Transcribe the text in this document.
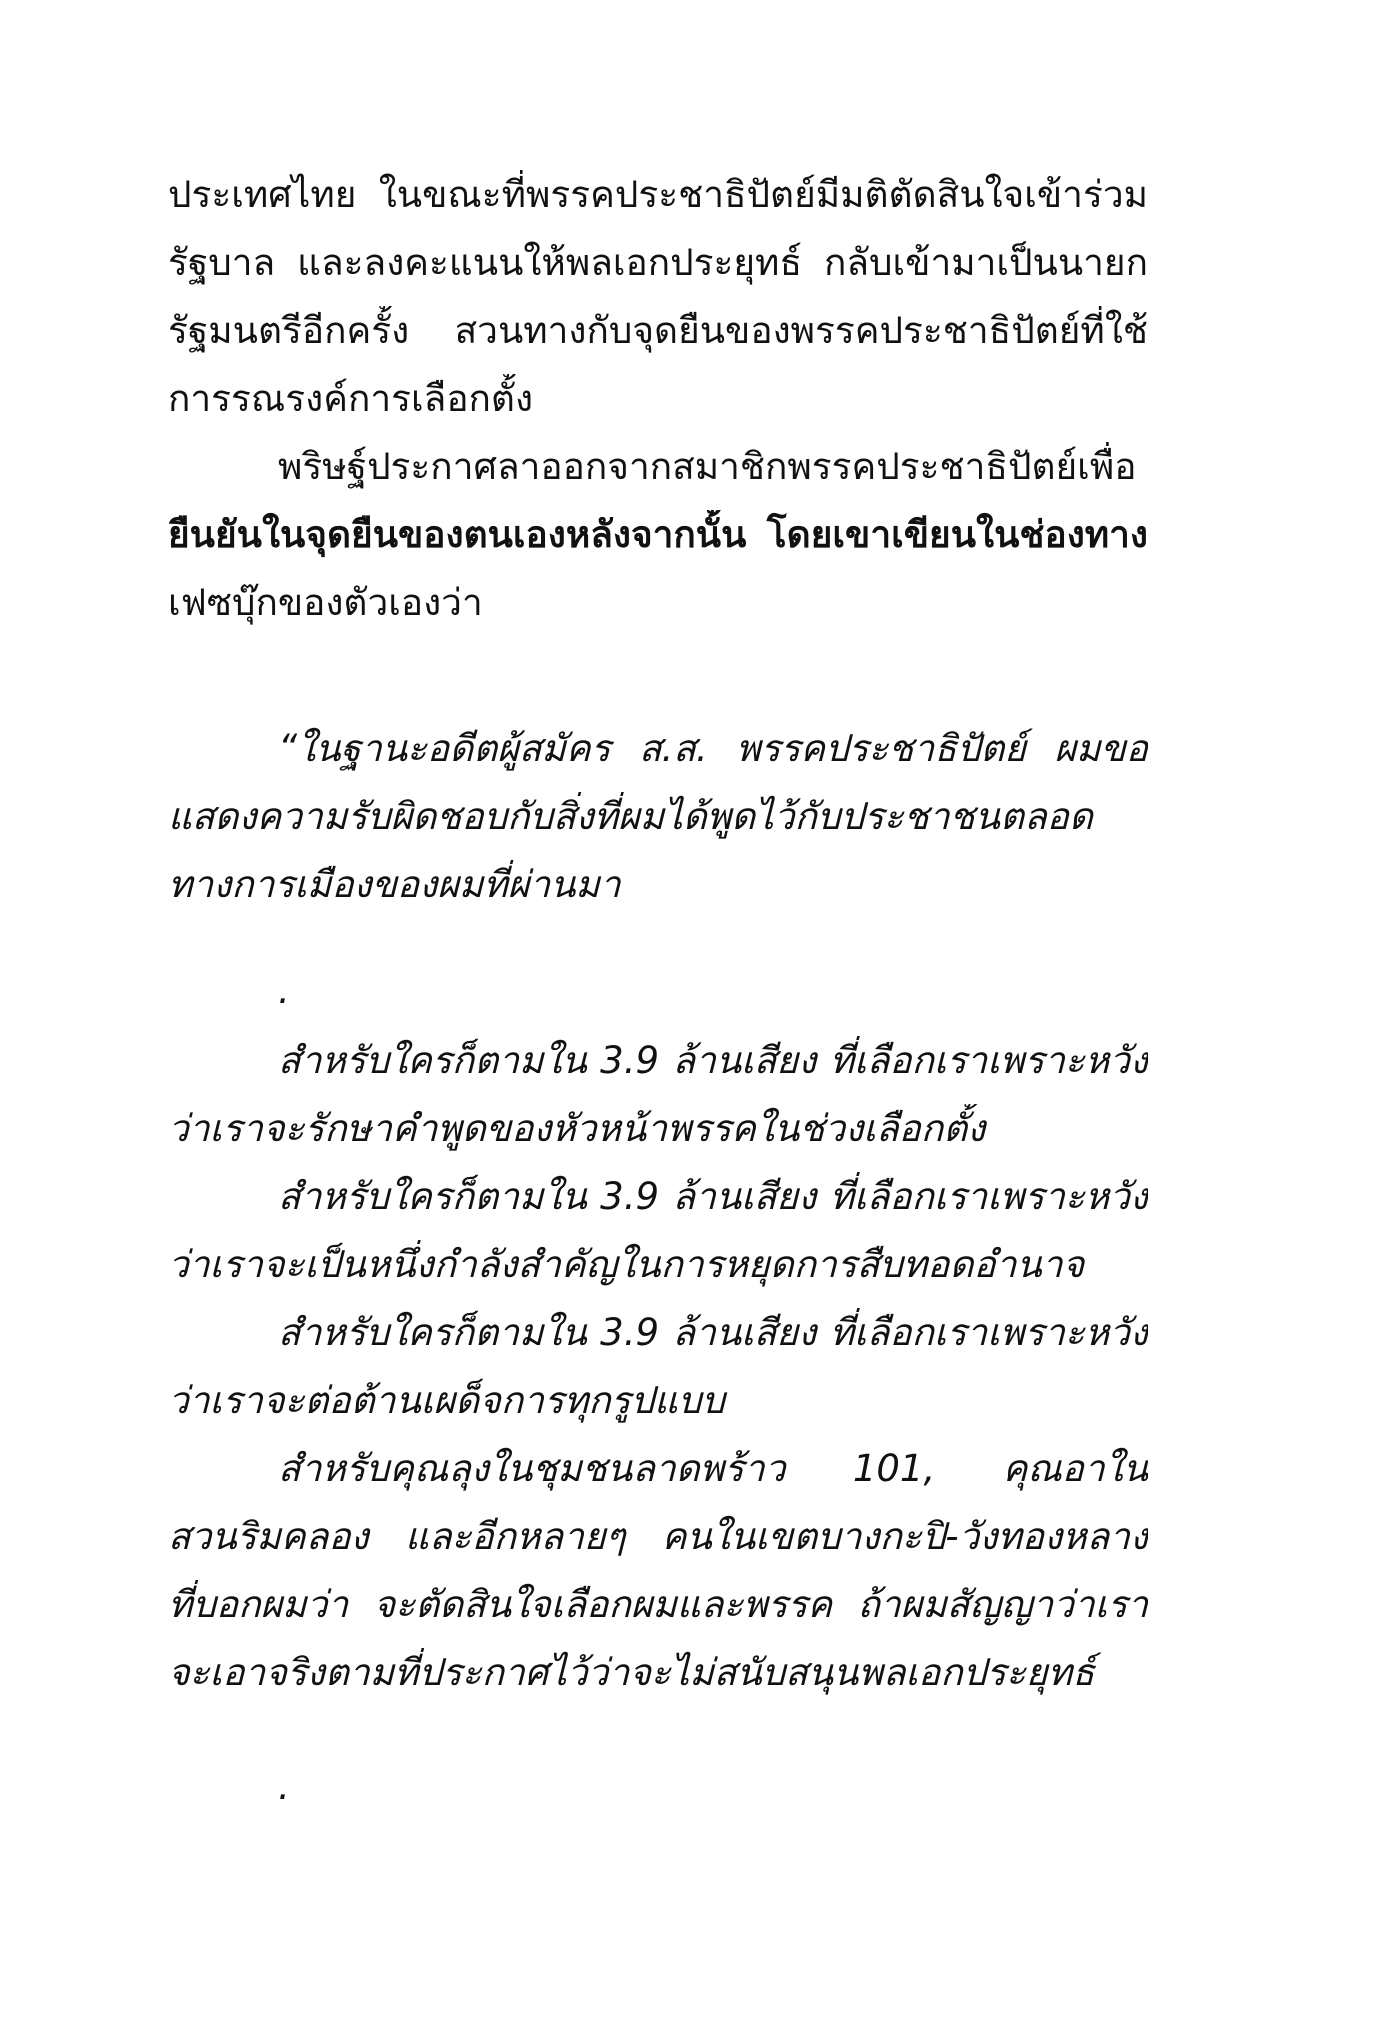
ประเทศไทย ในขณะที่พรรคประชาธิปัตย์มีมติตัดสินใจเข้าร่วม
รัฐบาล และลงคะแนนให้พลเอกประยุทธ์ กลับเข้ามาเป็นนายก
รัฐมนตรีอีกครั้ง สวนทางกับจุดยืนของพรรคประชาธิปัตย์ที่ใช้
การรณรงค์การเลือกตั้ง
พริษฐ์ประกาศลาออกจากสมาชิกพรรคประชาธิปัตย์เพื่อ
ยืนยันในจุดยืนของตนเองหลังจากนั้น โดยเขาเขียนในช่องทาง
เฟซบุ๊กของตัวเองว่า
“ในฐานะอดีตผู้สมัคร ส.ส. พรรคประชาธิปัตย์ ผมขอ
แสดงความรับผิดชอบกับสิ่งที่ผมได้พูดไว้กับประชาชนตลอด
ทางการเมืองของผมที่ผ่านมา
.
สำหรับใครก็ตามใน 3.9 ล้านเสียง ที่เลือกเราเพราะหวัง
ว่าเราจะรักษาคำพูดของหัวหน้าพรรคในช่วงเลือกตั้ง
สำหรับใครก็ตามใน 3.9 ล้านเสียง ที่เลือกเราเพราะหวัง
ว่าเราจะเป็นหนึ่งกำลังสำคัญในการหยุดการสืบทอดอำนาจ
สำหรับใครก็ตามใน 3.9 ล้านเสียง ที่เลือกเราเพราะหวัง
ว่าเราจะต่อต้านเผด็จการทุกรูปแบบ
สำหรับคุณลุงในชุมชนลาดพร้าว 101, คุณอาใน
สวนริมคลอง และอีกหลายๆ คนในเขตบางกะปิ-วังทองหลาง
ที่บอกผมว่า จะตัดสินใจเลือกผมและพรรค ถ้าผมสัญญาว่าเรา
จะเอาจริงตามที่ประกาศไว้ว่าจะไม่สนับสนุนพลเอกประยุทธ์
.
